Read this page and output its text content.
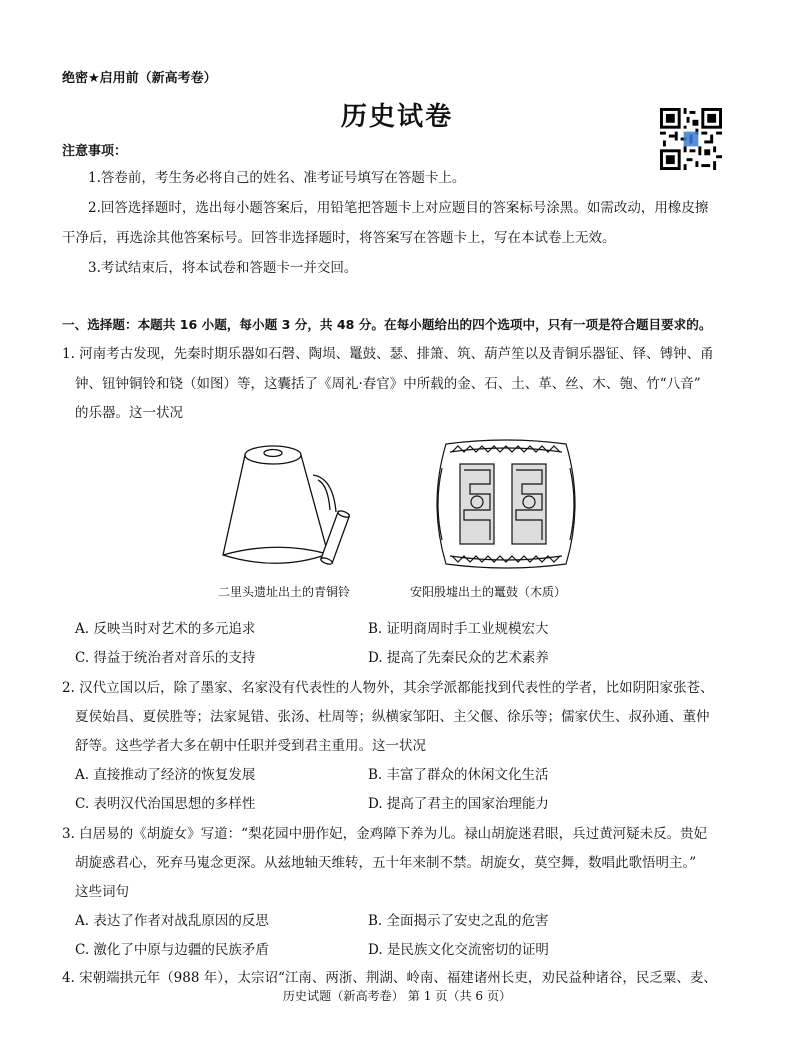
绝密★启用前（新高考卷）
历史试卷
注意事项：
1.答卷前，考生务必将自己的姓名、准考证号填写在答题卡上。
2.回答选择题时，选出每小题答案后，用铅笔把答题卡上对应题目的答案标号涂黑。如需改动，用橡皮擦
干净后，再选涂其他答案标号。回答非选择题时，将答案写在答题卡上，写在本试卷上无效。
3.考试结束后，将本试卷和答题卡一并交回。
一、选择题：本题共 16 小题，每小题 3 分，共 48 分。在每小题给出的四个选项中，只有一项是符合题目要求的。
1. 河南考古发现，先秦时期乐器如石磬、陶埙、鼍鼓、瑟、排箫、筑、葫芦笙以及青铜乐器钲、铎、镈钟、甬
钟、钮钟铜铃和铙（如图）等，这囊括了《周礼·春官》中所载的金、石、土、革、丝、木、匏、竹“八音”
的乐器。这一状况
二里头遗址出土的青铜铃	安阳殷墟出土的鼍鼓（木质）
A. 反映当时对艺术的多元追求	B. 证明商周时手工业规模宏大
C. 得益于统治者对音乐的支持	D. 提高了先秦民众的艺术素养
2. 汉代立国以后，除了墨家、名家没有代表性的人物外，其余学派都能找到代表性的学者，比如阴阳家张苍、
夏侯始昌、夏侯胜等；法家晁错、张汤、杜周等；纵横家邹阳、主父偃、徐乐等；儒家伏生、叔孙通、董仲
舒等。这些学者大多在朝中任职并受到君主重用。这一状况
A. 直接推动了经济的恢复发展	B. 丰富了群众的休闲文化生活
C. 表明汉代治国思想的多样性	D. 提高了君主的国家治理能力
3. 白居易的《胡旋女》写道：“梨花园中册作妃，金鸡障下养为儿。禄山胡旋迷君眼，兵过黄河疑未反。贵妃
胡旋惑君心，死弃马嵬念更深。从兹地轴天维转，五十年来制不禁。胡旋女，莫空舞，数唱此歌悟明主。”
这些词句
A. 表达了作者对战乱原因的反思	B. 全面揭示了安史之乱的危害
C. 激化了中原与边疆的民族矛盾	D. 是民族文化交流密切的证明
4. 宋朝端拱元年（988 年），太宗诏“江南、两浙、荆湖、岭南、福建诸州长吏，劝民益种诸谷，民乏粟、麦、
历史试题（新高考卷） 第 1 页（共 6 页）
